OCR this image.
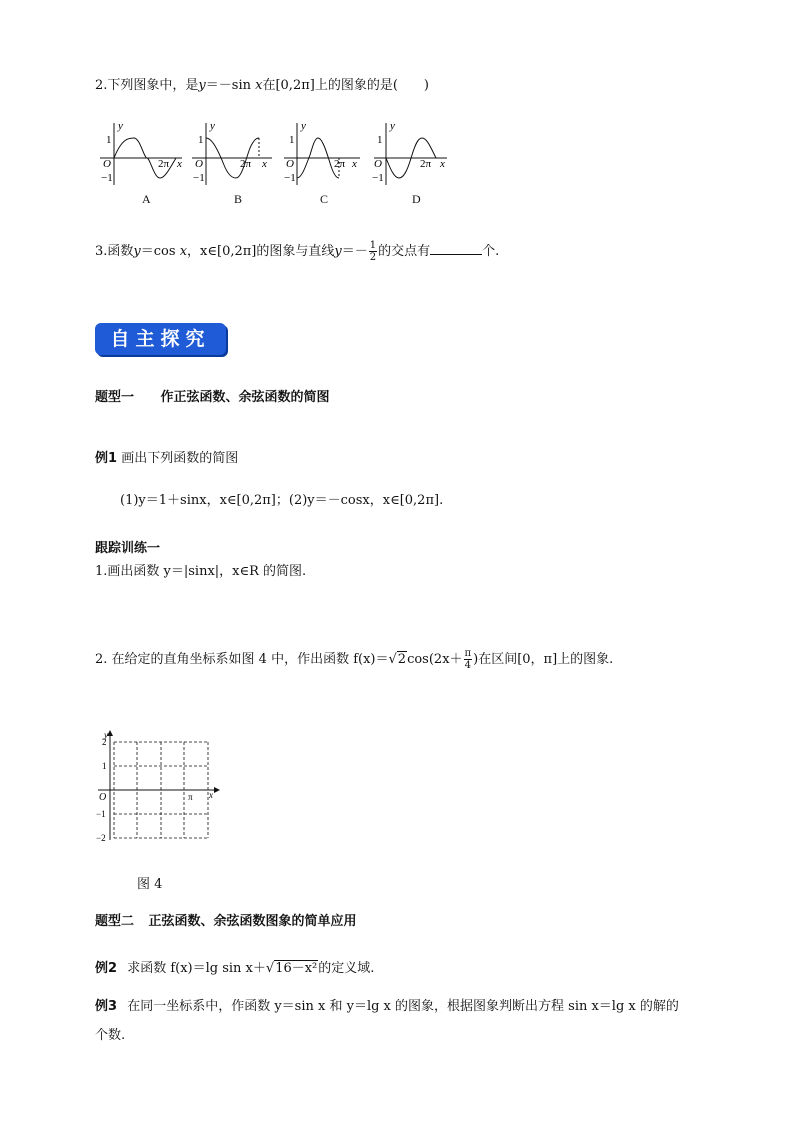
2.下列图象中，是y＝－sin x在[0,2π]上的图象的是(　　)
y
1
O
−1
2π x
y
1
O
−1
2π x
y
1
O
−1
2π x
y
1
O
−1
2π x
A	B	C	D
3.函数y＝cos x，x∈[0,2π]的图象与直线$y=- \frac{1}{2}$ 的交点有	个.
自主探究
题型一 作正弦函数、余弦函数的简图
例1 画出下列函数的简图
(1)y＝1＋sinx，x∈[0,2π]；(2)y＝－cosx，x∈[0,2π].
跟踪训练一
1.画出函数 y＝|sinx|，x∈R 的简图.
2. 在给定的直角坐标系如图 4 中，作出函数 $f(x)=√2\cos(2x+ \frac{\pi}{4}$ )在区间[0，π]上的图象.
y
2
1
O
−1
−2
π x
图 4
题型二 正弦函数、余弦函数图象的简单应用
例2 求函数 f(x)＝lg sin x＋√16－x²的定义域.
例3 在同一坐标系中，作函数 y＝sin x 和 y＝lg x 的图象，根据图象判断出方程 sin x＝lg x 的解的
个数.
